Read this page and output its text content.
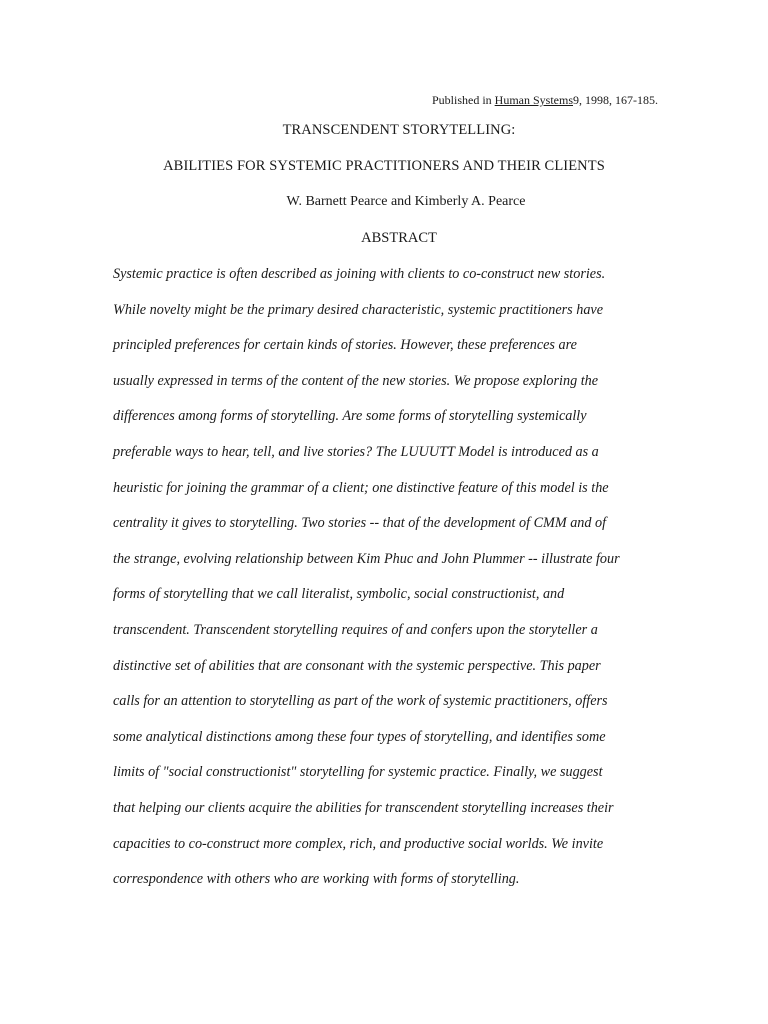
Published in Human Systems9, 1998, 167-185.
TRANSCENDENT STORYTELLING:
ABILITIES FOR SYSTEMIC PRACTITIONERS AND THEIR CLIENTS
W. Barnett Pearce and Kimberly A. Pearce
ABSTRACT
Systemic practice is often described as joining with clients to co-construct new stories.
While novelty might be the primary desired characteristic, systemic practitioners have
principled preferences for certain kinds of stories. However, these preferences are
usually expressed in terms of the content of the new stories. We propose exploring the
differences among forms of storytelling. Are some forms of storytelling systemically
preferable ways to hear, tell, and live stories? The LUUUTT Model is introduced as a
heuristic for joining the grammar of a client; one distinctive feature of this model is the
centrality it gives to storytelling. Two stories -- that of the development of CMM and of
the strange, evolving relationship between Kim Phuc and John Plummer -- illustrate four
forms of storytelling that we call literalist, symbolic, social constructionist, and
transcendent. Transcendent storytelling requires of and confers upon the storyteller a
distinctive set of abilities that are consonant with the systemic perspective. This paper
calls for an attention to storytelling as part of the work of systemic practitioners, offers
some analytical distinctions among these four types of storytelling, and identifies some
limits of "social constructionist" storytelling for systemic practice. Finally, we suggest
that helping our clients acquire the abilities for transcendent storytelling increases their
capacities to co-construct more complex, rich, and productive social worlds. We invite
correspondence with others who are working with forms of storytelling.
